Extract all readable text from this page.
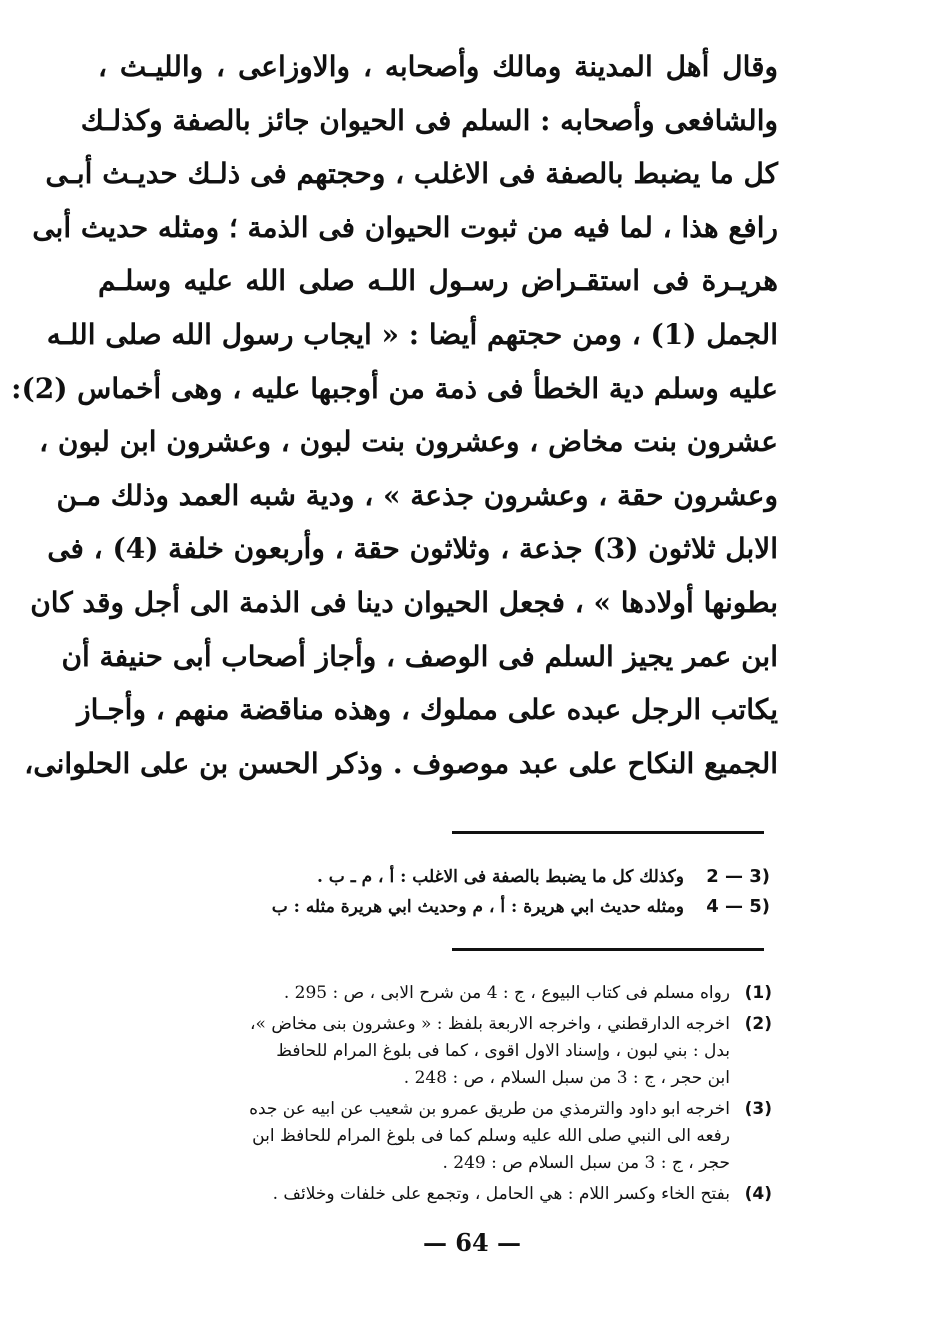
وقال أهل المدينة ومالك وأصحابه ، والاوزاعى ، والليـث ،
والشافعى وأصحابه : السلم فى الحيوان جائز بالصفة وكذلـك
كل ما يضبط بالصفة فى الاغلب ، وحجتهم فى ذلـك حديـث أبـى
رافع هذا ، لما فيه من ثبوت الحيوان فى الذمة ؛ ومثله حديث أبى
هريـرة فى استقـراض رسـول اللـه صلى الله عليه وسلـم
الجمل (1) ، ومن حجتهم أيضا : « ايجاب رسول الله صلى اللـه
عليه وسلم دية الخطأ فى ذمة من أوجبها عليه ، وهى أخماس (2):
عشرون بنت مخاض ، وعشرون بنت لبون ، وعشرون ابن لبون ،
وعشرون حقة ، وعشرون جذعة » ، ودية شبه العمد وذلك مـن
الابل ثلاثون (3) جذعة ، وثلاثون حقة ، وأربعون خلفة (4) ، فى
بطونها أولادها » ، فجعل الحيوان دينا فى الذمة الى أجل وقد كان
ابن عمر يجيز السلم فى الوصف ، وأجاز أصحاب أبى حنيفة أن
يكاتب الرجل عبده على مملوك ، وهذه مناقضة منهم ، وأجـاز
الجميع النكاح على عبد موصوف . وذكر الحسن بن على الحلوانى،
2 — 3)
وكذلك كل ما يضبط بالصفة فى الاغلب : أ ، م ـ ب .
4 — 5)
ومثله حديث ابي هريرة : أ ، م وحديث ابي هريرة مثله : ب
(1)
رواه مسلم فى كتاب البيوع ، ج : 4 من شرح الابى ، ص : 295 .
(2)
اخرجه الدارقطني ، واخرجه الاربعة بلفظ : « وعشرون بنى مخاض »،
بدل : بني لبون ، وإسناد الاول اقوى ، كما فى بلوغ المرام للحافظ
ابن حجر ، ج : 3 من سبل السلام ، ص : 248 .
(3)
اخرجه ابو داود والترمذي من طريق عمرو بن شعيب عن ابيه عن جده
رفعه الى النبي صلى الله عليه وسلم كما فى بلوغ المرام للحافظ ابن
حجر ، ج : 3 من سبل السلام ص : 249 .
(4)
بفتح الخاء وكسر اللام : هي الحامل ، وتجمع على خلفات وخلائف .
— 64 —
